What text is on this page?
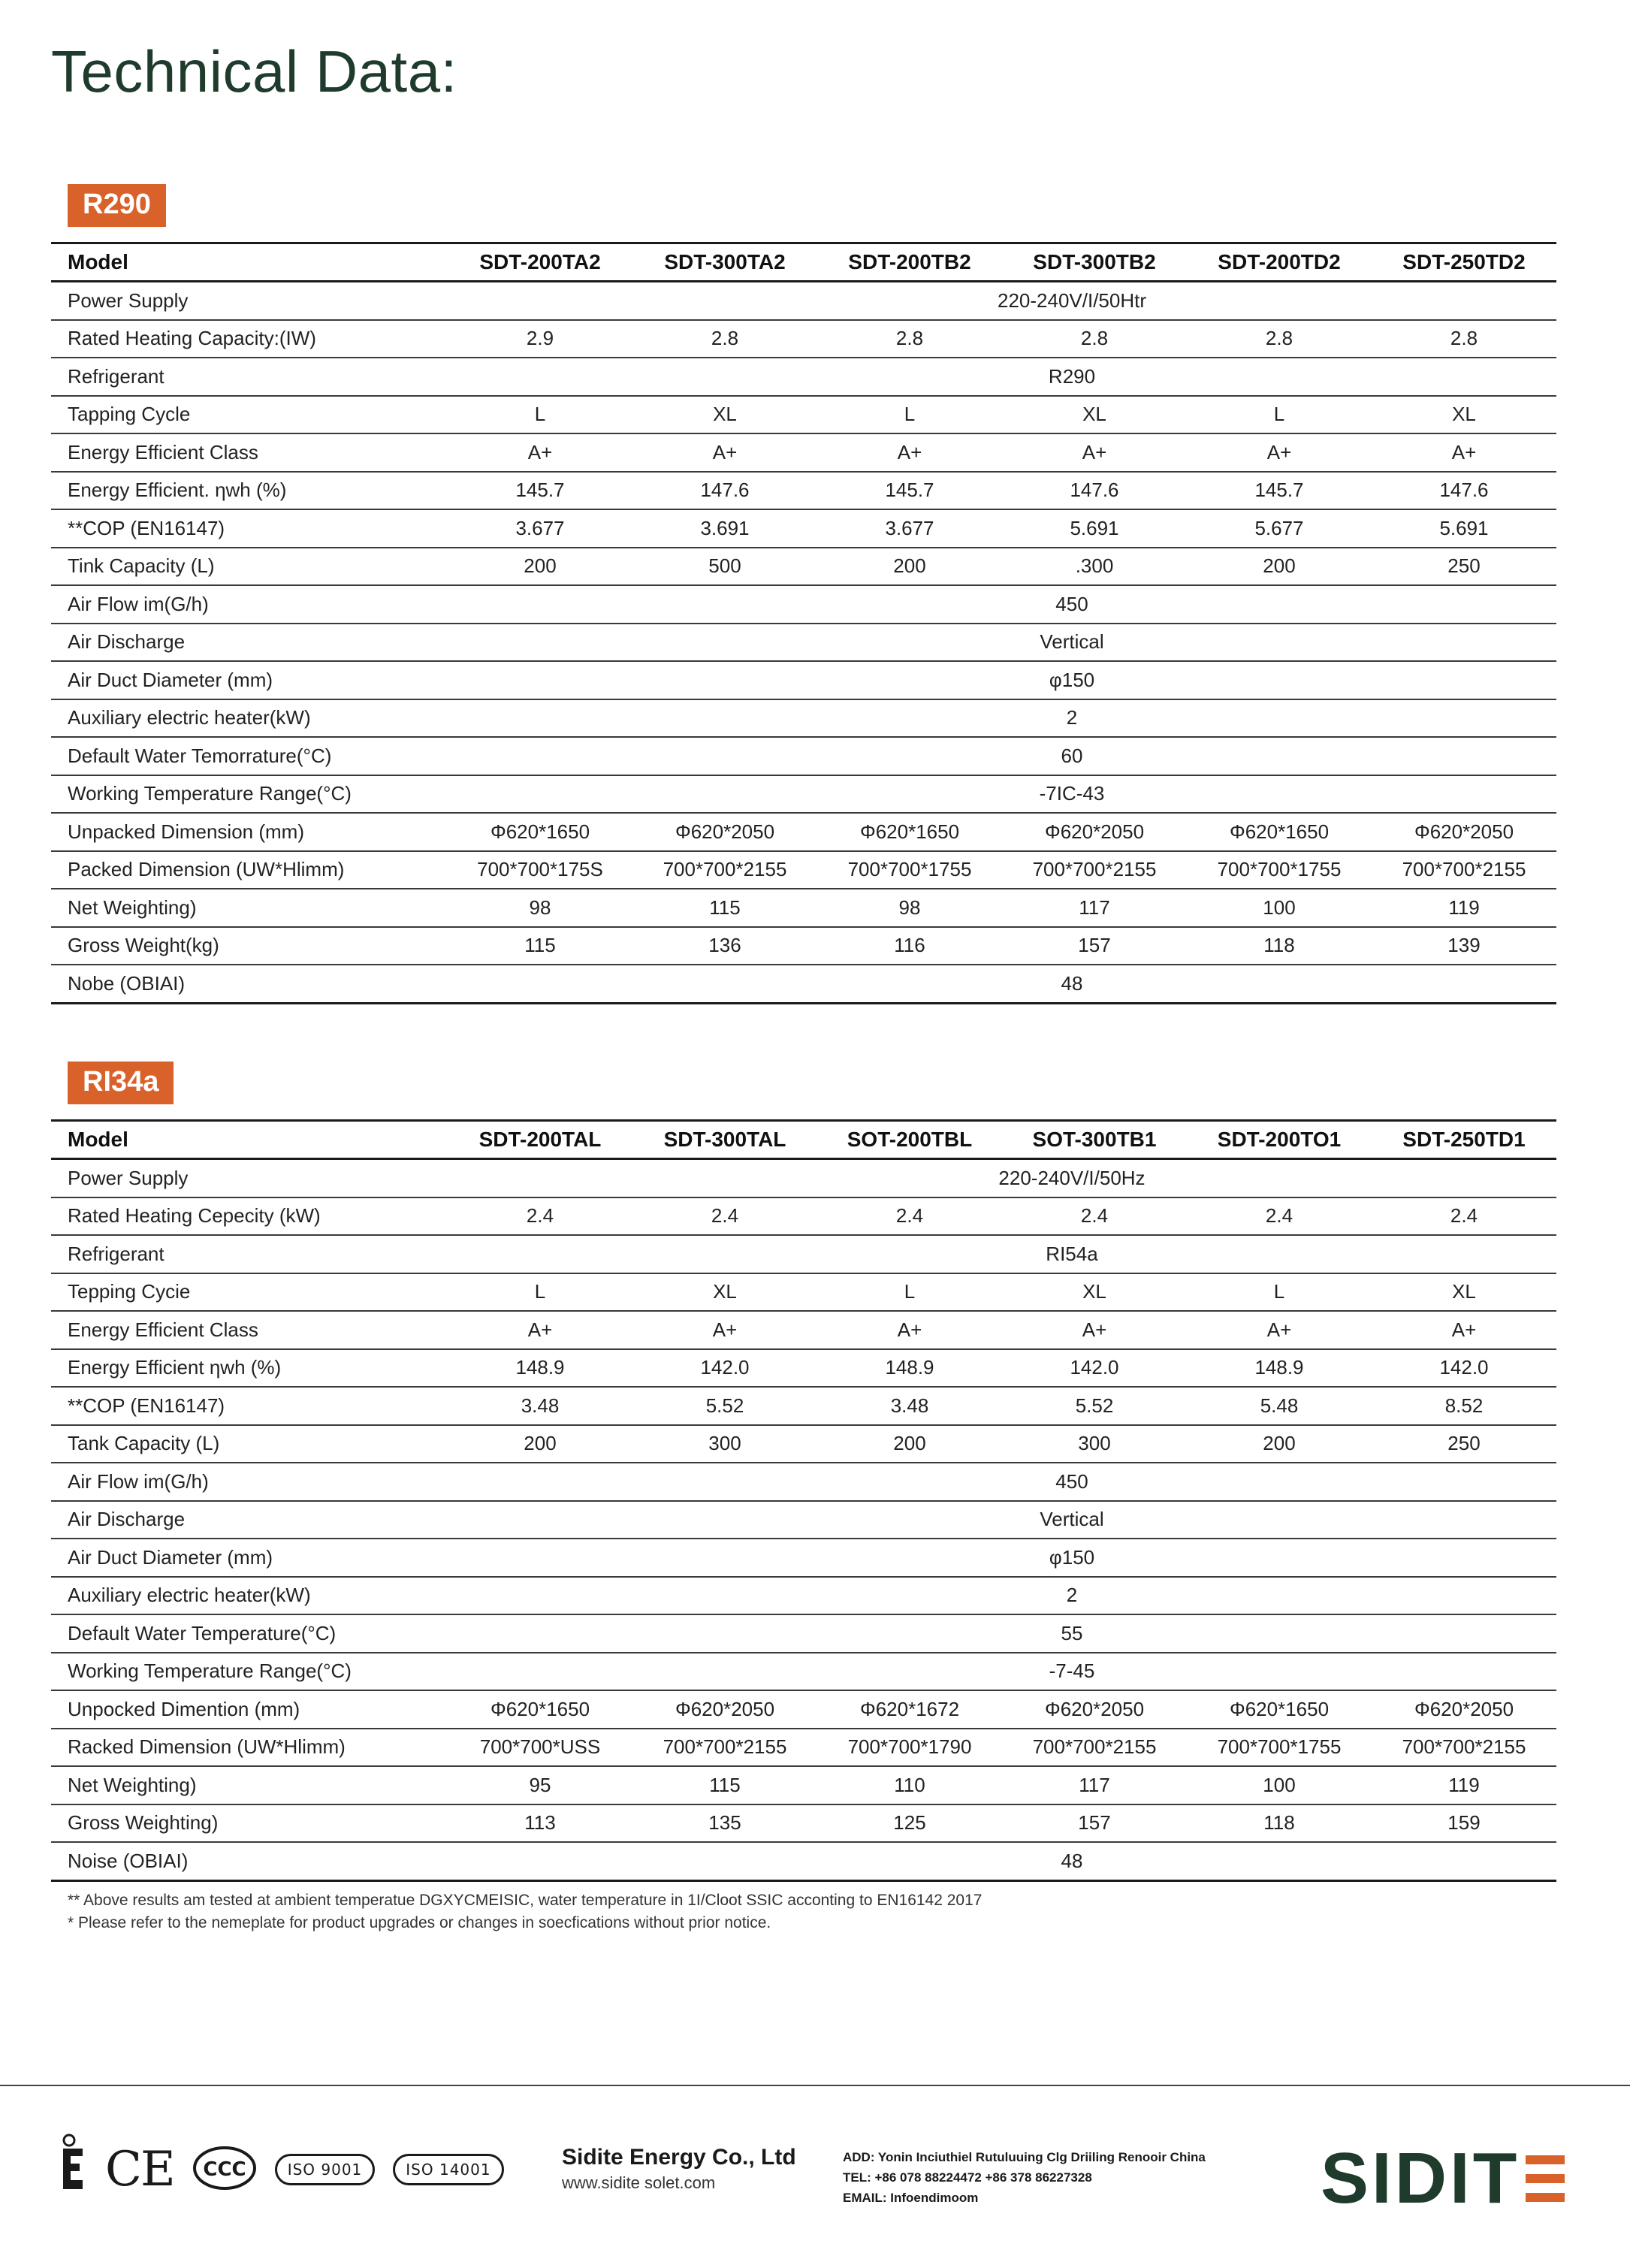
Technical Data:
R290
Model	SDT-200TA2	SDT-300TA2	SDT-200TB2	SDT-300TB2	SDT-200TD2	SDT-250TD2
Power Supply	220-240V/I/50Htr					
Rated Heating Capacity:(IW)	2.9	2.8	2.8	2.8	2.8	2.8
Refrigerant	R290					
Tapping Cycle	L	XL	L	XL	L	XL
Energy Efficient Class	A+	A+	A+	A+	A+	A+
Energy Efficient. ηwh (%)	145.7	147.6	145.7	147.6	145.7	147.6
**COP (EN16147)	3.677	3.691	3.677	5.691	5.677	5.691
Tink Capacity (L)	200	500	200	.300	200	250
Air Flow im(G/h)	450					
Air Discharge	Vertical					
Air Duct Diameter (mm)	φ150					
Auxiliary electric heater(kW)	2					
Default Water Temorrature(°C)	60					
Working Temperature Range(°C)	-7IC-43					
Unpacked Dimension (mm)	Φ620*1650	Φ620*2050	Φ620*1650	Φ620*2050	Φ620*1650	Φ620*2050
Packed Dimension (UW*Hlimm)	700*700*175S	700*700*2155	700*700*1755	700*700*2155	700*700*1755	700*700*2155
Net Weighting)	98	115	98	117	100	119
Gross Weight(kg)	115	136	116	157	118	139
Nobe (OBIAI)	48					
RI34a
Model	SDT-200TAL	SDT-300TAL	SOT-200TBL	SOT-300TB1	SDT-200TO1	SDT-250TD1
Power Supply	220-240V/I/50Hz					
Rated Heating Cepecity (kW)	2.4	2.4	2.4	2.4	2.4	2.4
Refrigerant	RI54a					
Tepping Cycie	L	XL	L	XL	L	XL
Energy Efficient Class	A+	A+	A+	A+	A+	A+
Energy Efficient ηwh (%)	148.9	142.0	148.9	142.0	148.9	142.0
**COP (EN16147)	3.48	5.52	3.48	5.52	5.48	8.52
Tank Capacity (L)	200	300	200	300	200	250
Air Flow im(G/h)	450					
Air Discharge	Vertical					
Air Duct Diameter (mm)	φ150					
Auxiliary electric heater(kW)	2					
Default Water Temperature(°C)	55					
Working Temperature Range(°C)	-7-45					
Unpocked Dimention (mm)	Φ620*1650	Φ620*2050	Φ620*1672	Φ620*2050	Φ620*1650	Φ620*2050
Racked Dimension (UW*Hlimm)	700*700*USS	700*700*2155	700*700*1790	700*700*2155	700*700*1755	700*700*2155
Net Weighting)	95	115	110	117	100	119
Gross Weighting)	113	135	125	157	118	159
Noise (OBIAI)	48					
** Above results am tested at ambient temperatue DGXYCMEISIC, water temperature in 1I/Cloot SSIC acconting to EN16142 2017
* Please refer to the nemeplate for product upgrades or changes in soecfications without prior notice.
CE CCC	ISO 9001	ISO 14001	Sidite Energy Co., Ltd
www.sidite solet.com
ADD: Yonin Inciuthiel Rutuluuing Clg Driiling Renooir China
TEL: +86 078 88224472 +86 378 86227328
EMAIL: Infoendimoom	SIDIT
